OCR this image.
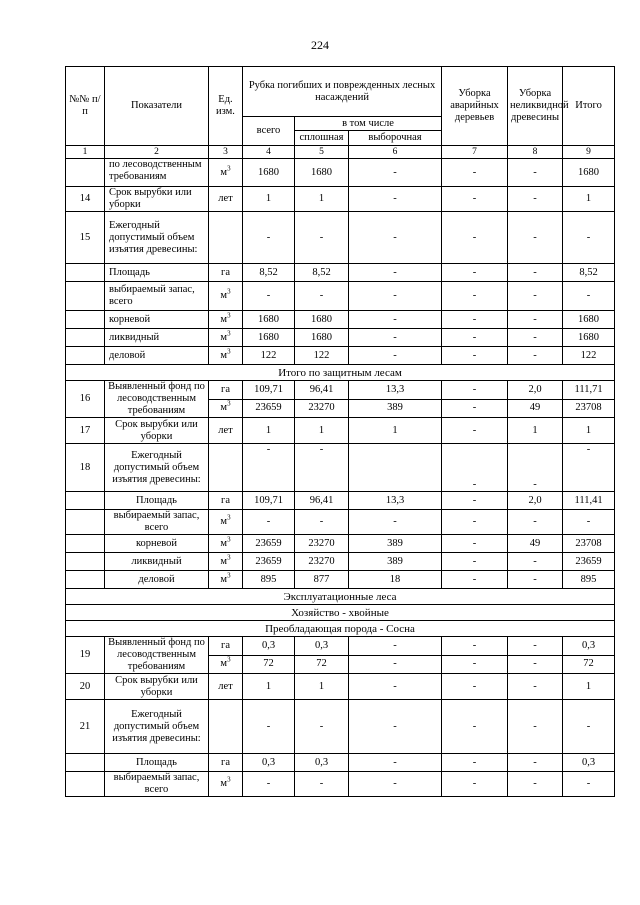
224
№№ п/п	Показатели	Ед. изм.	Рубка погибших и поврежденных лесных насаждений			Уборка аварийных деревьев	Уборка неликвидной древесины	Итого
			всего	в том числе				
				сплошная	выборочная			
1	2	3	4	5	6	7	8	9
	по лесоводственным требованиям	$м^3$	1680	1680	-	-	-	1680
14	Срок вырубки или уборки	лет	1	1	-	-	-	1
15	Ежегодный допустимый объем изъятия древесины:		-	-	-	-	-	-
	Площадь	га	8,52	8,52	-	-	-	8,52
	выбираемый запас, всего	$м^3$	-	-	-	-	-	-
	корневой	$м^3$	1680	1680	-	-	-	1680
	ликвидный	$м^3$	1680	1680	-	-	-	1680
	деловой	$м^3$	122	122	-	-	-	122
Итого по защитным лесам								
16	Выявленный фонд по лесоводственным требованиям	га	109,71	96,41	13,3	-	2,0	111,71
		$м^3$	23659	23270	389	-	49	23708
17	Срок вырубки или уборки	лет	1	1	1	-	1	1
18	Ежегодный допустимый объем изъятия древесины:		-	-		-	-	-
	Площадь	га	109,71	96,41	13,3	-	2,0	111,41
	выбираемый запас, всего	$м^3$	-	-	-	-	-	-
	корневой	$м^3$	23659	23270	389	-	49	23708
	ликвидный	$м^3$	23659	23270	389	-	-	23659
	деловой	$м^3$	895	877	18	-	-	895
Эксплуатационные леса								
Хозяйство - хвойные								
Преобладающая порода - Сосна								
19	Выявленный фонд по лесоводственным требованиям	га	0,3	0,3	-	-	-	0,3
		$м^3$	72	72	-	-	-	72
20	Срок вырубки или уборки	лет	1	1	-	-	-	1
21	Ежегодный допустимый объем изъятия древесины:		-	-	-	-	-	-
	Площадь	га	0,3	0,3	-	-	-	0,3
	выбираемый запас, всего	$м^3$	-	-	-	-	-	-
